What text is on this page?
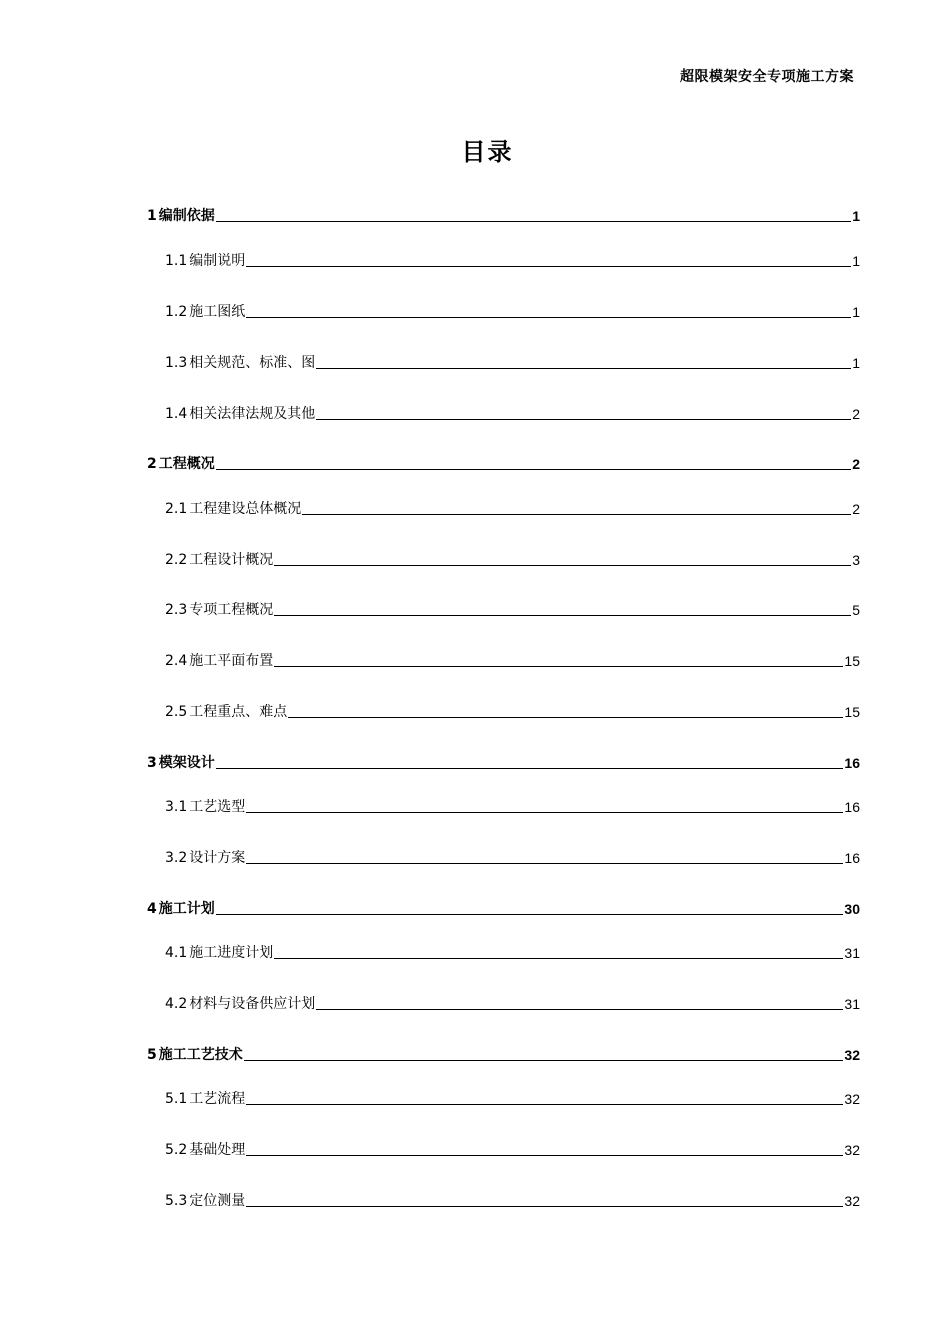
超限模架安全专项施工方案
目录
1 编制依据	1
1.1 编制说明	1
1.2 施工图纸	1
1.3 相关规范、标准、图	1
1.4 相关法律法规及其他	2
2 工程概况	2
2.1 工程建设总体概况	2
2.2 工程设计概况	3
2.3 专项工程概况	5
2.4 施工平面布置	15
2.5 工程重点、难点	15
3 模架设计	16
3.1 工艺选型	16
3.2 设计方案	16
4 施工计划	30
4.1 施工进度计划	31
4.2 材料与设备供应计划	31
5 施工工艺技术	32
5.1 工艺流程	32
5.2 基础处理	32
5.3 定位测量	32
